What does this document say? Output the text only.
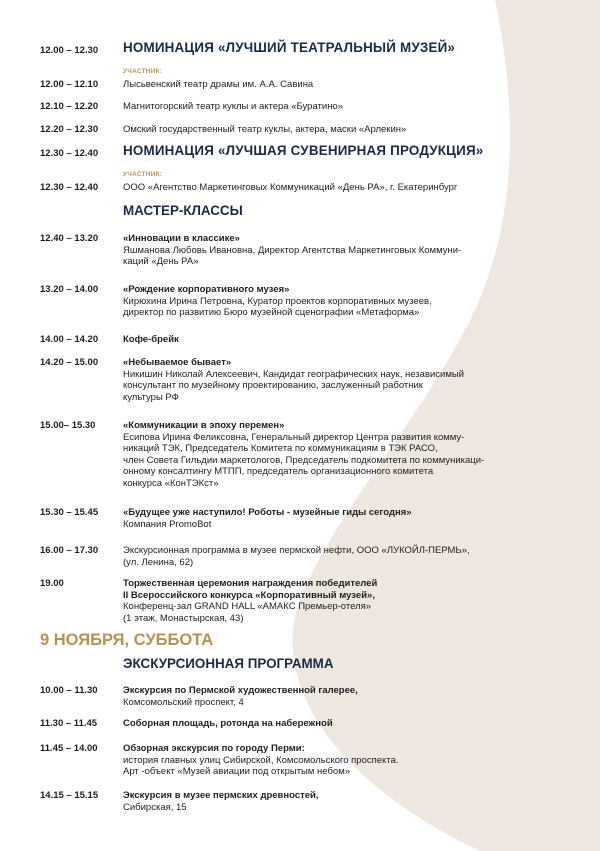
12.00 – 12.30	НОМИНАЦИЯ «ЛУЧШИЙ ТЕАТРАЛЬНЫЙ МУЗЕЙ»
УЧАСТНИК:
12.00 – 12.10	Лысьвенский театр драмы им. А.А. Савина
12.10 – 12.20	Магнитогорский театр куклы и актера «Буратино»
12.20 – 12.30	Омский государственный театр куклы, актера, маски «Арлекин»
12.30 – 12.40	НОМИНАЦИЯ «ЛУЧШАЯ СУВЕНИРНАЯ ПРОДУКЦИЯ»
УЧАСТНИК:
12.30 – 12.40	ООО «Агентство Маркетинговых Коммуникаций «День РА», г. Екатеринбург
МАСТЕР-КЛАССЫ
12.40 – 13.20	«Инновации в классике»
Яшманова Любовь Ивановна, Директор Агентства Маркетинговых Коммуни-
каций «День РА»
13.20 – 14.00	«Рождение корпоративного музея»
Кирюхина Ирина Петровна, Куратор проектов корпоративных музеев,
директор по развитию Бюро музейной сценографии «Метаформа»
14.00 – 14.20	Кофе-брейк
14.20 – 15.00	«Небываемое бывает»
Никишин Николай Алексеевич, Кандидат географических наук, независимый
консультант по музейному проектированию, заслуженный работник
культуры РФ
15.00– 15.30	«Коммуникации в эпоху перемен»
Есипова Ирина Феликсовна, Генеральный директор Центра развития комму-
никаций ТЭК, Председатель Комитета по коммуникациям в ТЭК РАСО,
член Совета Гильдии маркетологов, Председатель подкомитета по коммуникаци-
онному консалтингу МТПП, председатель организационного комитета
конкурса «КонТЭКст»
15.30 – 15.45	«Будущее уже наступило! Роботы - музейные гиды сегодня»
Компания PromoBot
16.00 – 17.30	Экскурсионная программа в музее пермской нефти, ООО «ЛУКОЙЛ-ПЕРМЬ»,
(ул. Ленина, 62)
19.00	Торжественная церемония награждения победителей
II Всероссийского конкурса «Корпоративный музей»,
Конференц-зал GRAND HALL «АМАКС Премьер-отеля»
(1 этаж, Монастырская, 43)
9 НОЯБРЯ, СУББОТА
ЭКСКУРСИОННАЯ ПРОГРАММА
10.00 – 11.30	Экскурсия по Пермской художественной галерее,
Комсомольский проспект, 4
11.30 – 11.45	Соборная площадь, ротонда на набережной
11.45 – 14.00	Обзорная экскурсия по городу Перми:
история главных улиц Сибирской, Комсомольского проспекта.
Арт -объект «Музей авиации под открытым небом»
14.15 – 15.15	Экскурсия в музее пермских древностей,
Сибирская, 15
